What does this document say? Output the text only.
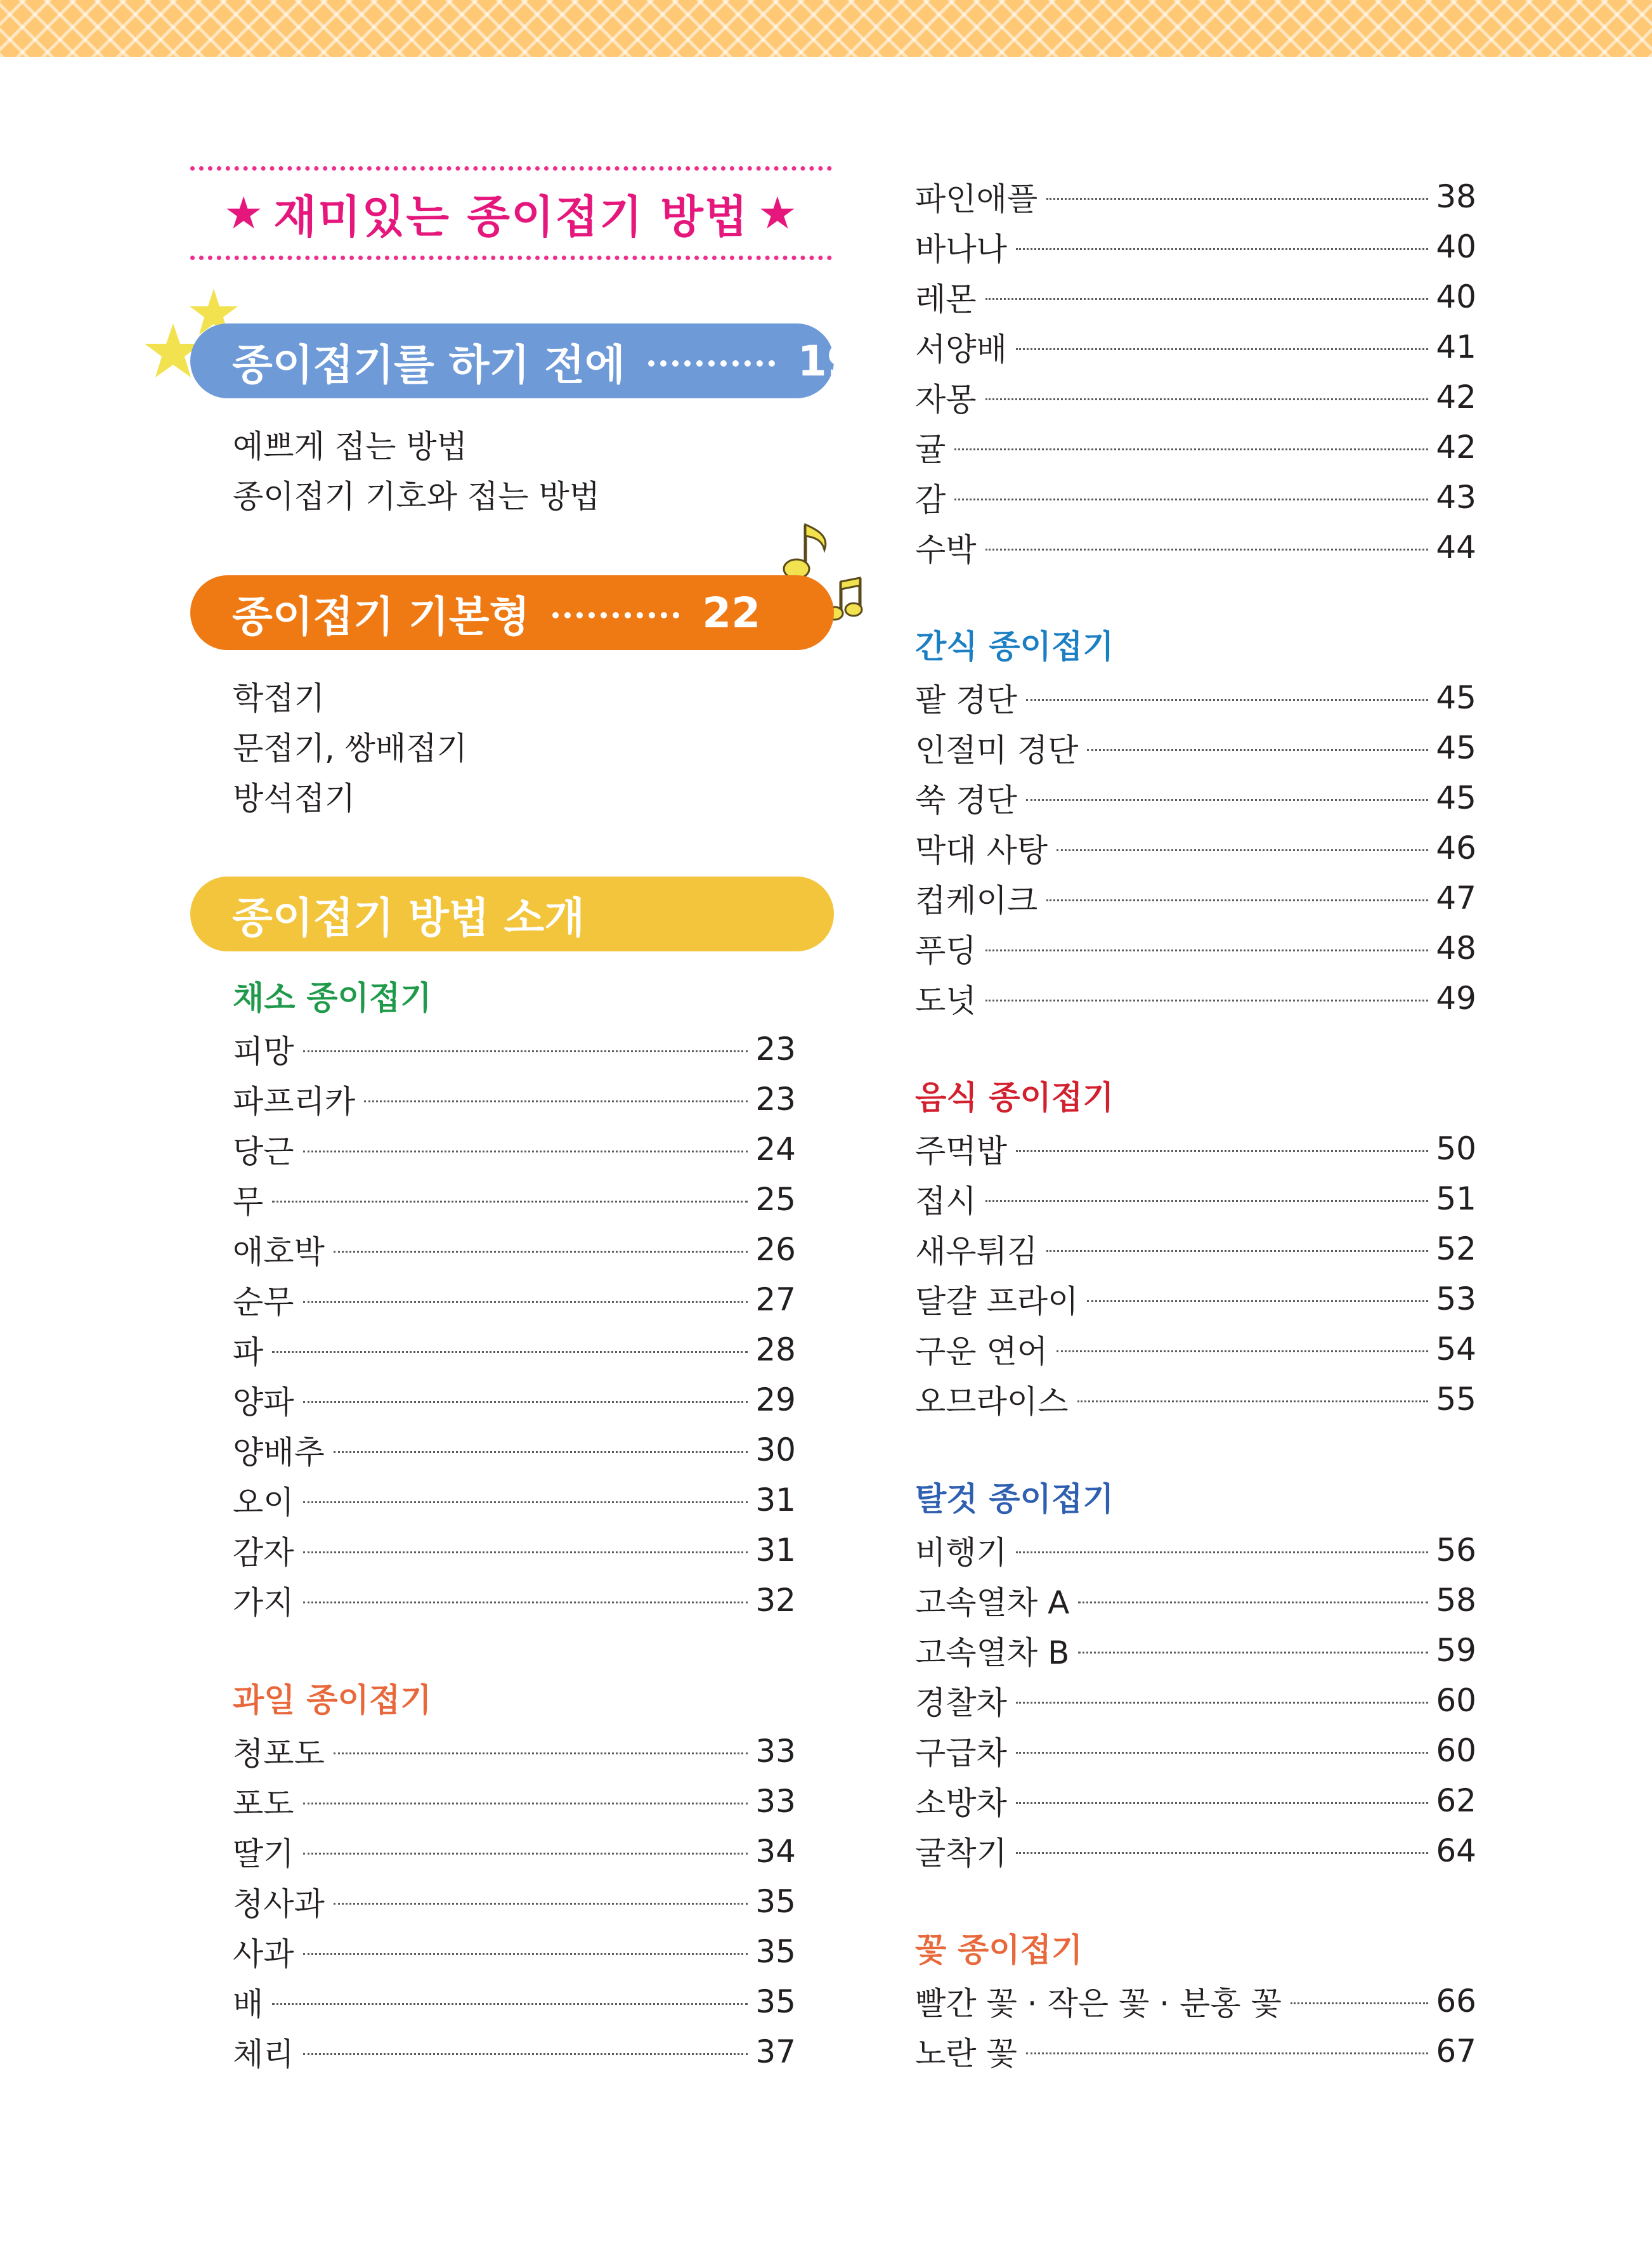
★ 재미있는 종이접기 방법 ★
종이접기를 하기 전에	19
예쁘게 접는 방법
종이접기 기호와 접는 방법
종이접기 기본형	22
학접기
문접기, 쌍배접기
방석접기
종이접기 방법 소개
채소 종이접기
피망	23
파프리카	23
당근	24
무	25
애호박	26
순무	27
파	28
양파	29
양배추	30
오이	31
감자	31
가지	32
과일 종이접기
청포도	33
포도	33
딸기	34
청사과	35
사과	35
배	35
체리	37
파인애플	38
바나나	40
레몬	40
서양배	41
자몽	42
귤	42
감	43
수박	44
간식 종이접기
팥 경단	45
인절미 경단	45
쑥 경단	45
막대 사탕	46
컵케이크	47
푸딩	48
도넛	49
음식 종이접기
주먹밥	50
접시	51
새우튀김	52
달걀 프라이	53
구운 연어	54
오므라이스	55
탈것 종이접기
비행기	56
고속열차 A	58
고속열차 B	59
경찰차	60
구급차	60
소방차	62
굴착기	64
꽃 종이접기
빨간 꽃 · 작은 꽃 · 분홍 꽃	66
노란 꽃	67
